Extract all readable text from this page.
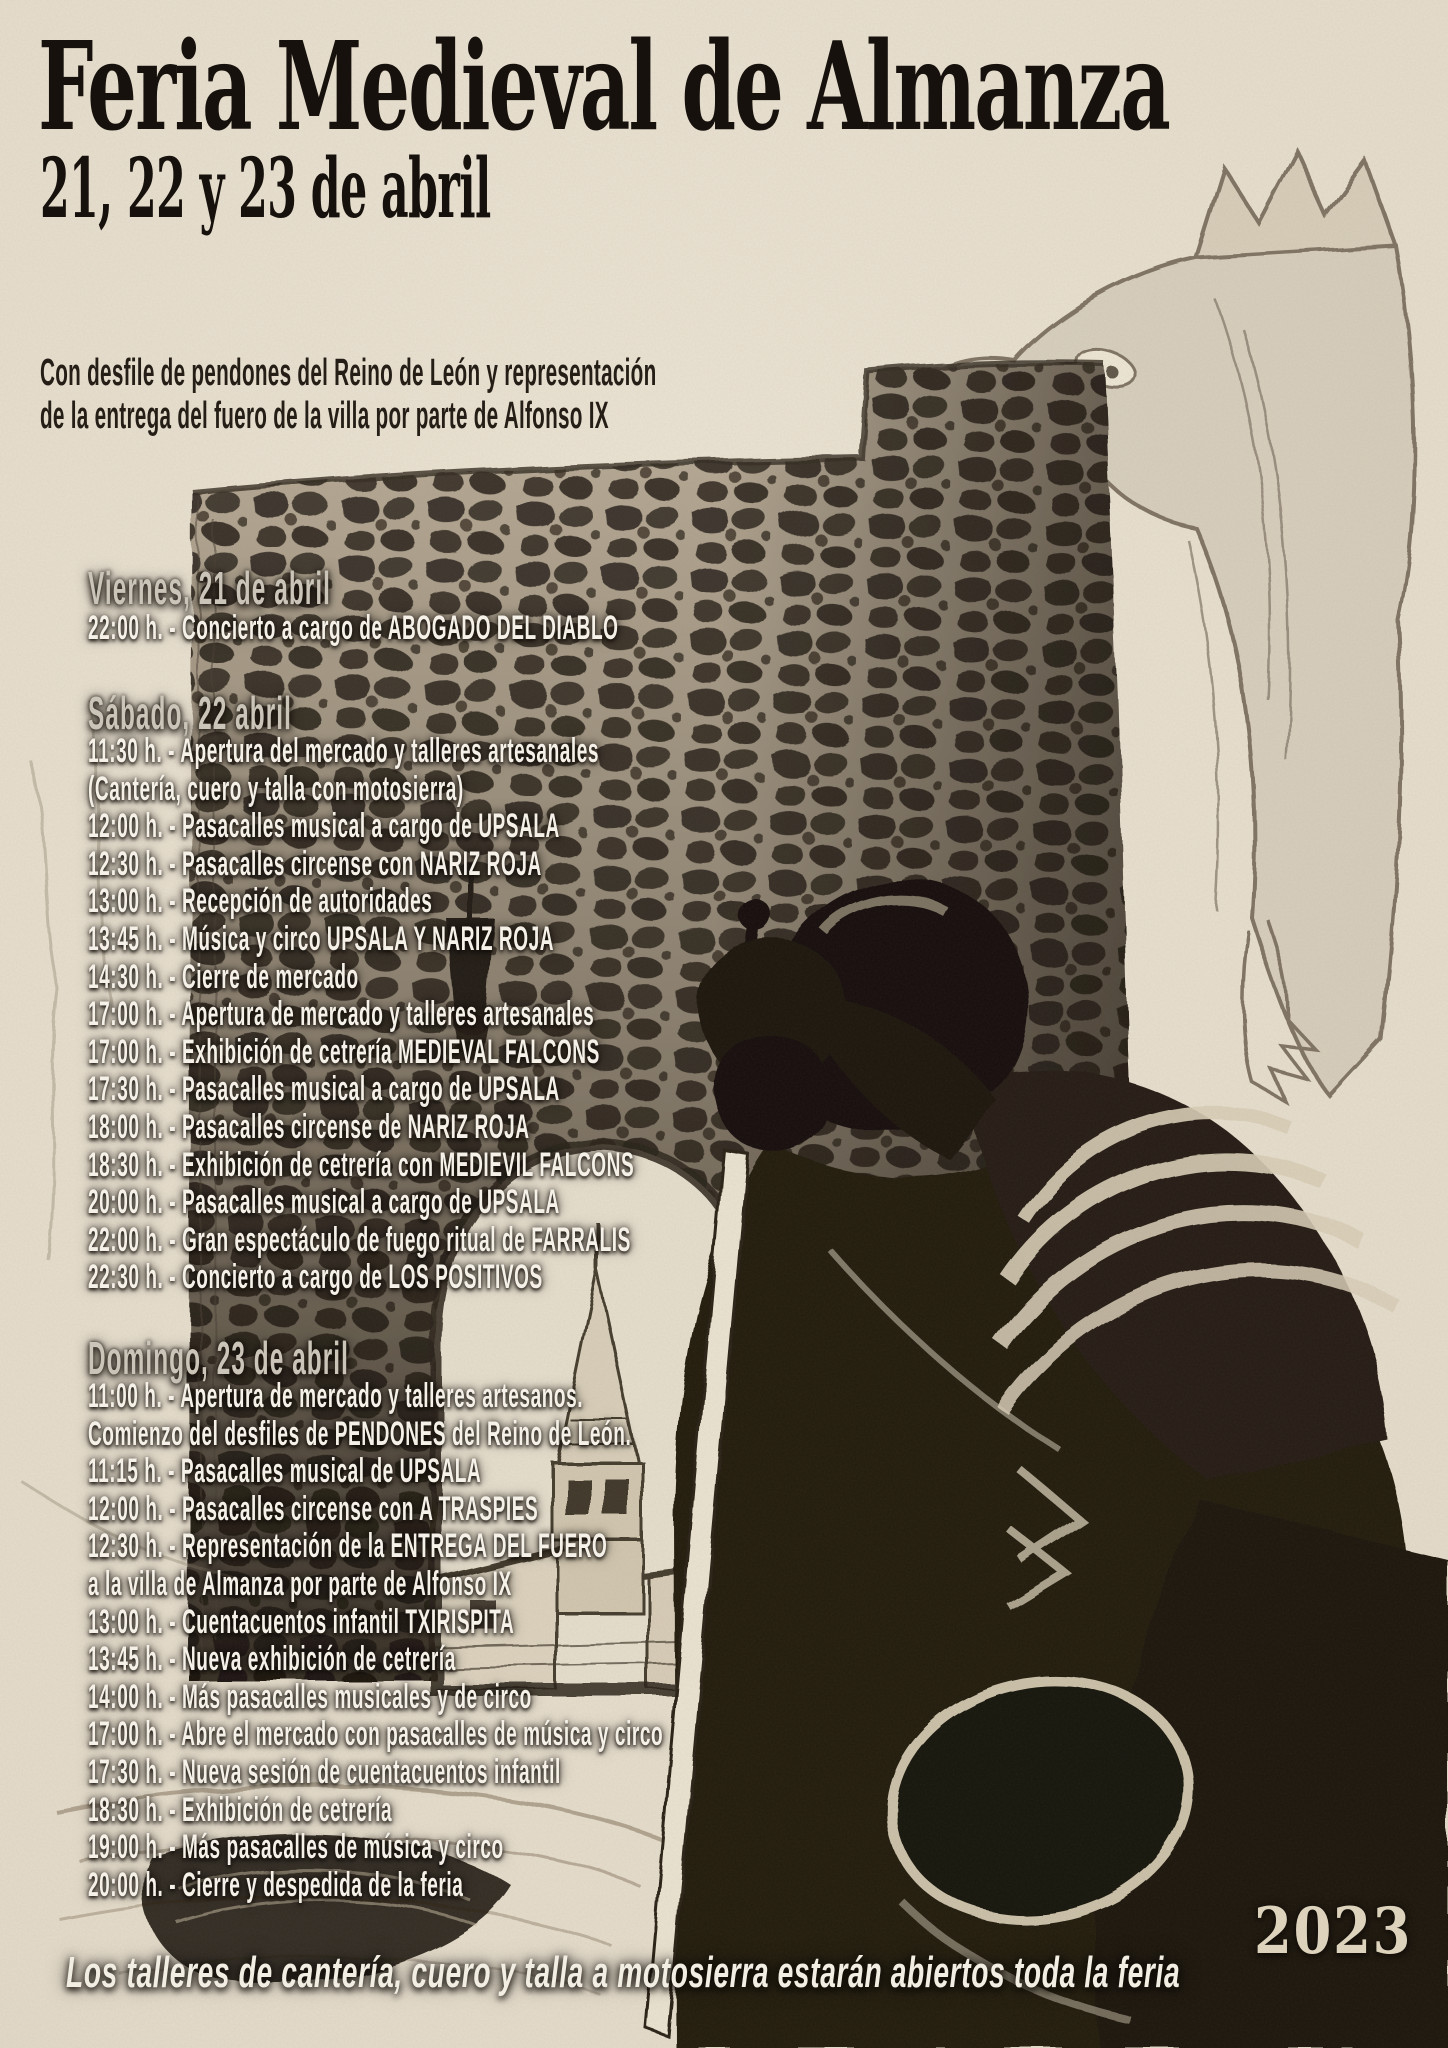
Feria Medieval de Almanza
21, 22 y 23 de abril

Con desfile de pendones del Reino de León y representación
de la entrega del fuero de la villa por parte de Alfonso IX

Viernes, 21 de abril
22:00 h. - Concierto a cargo de ABOGADO DEL DIABLO
Sábado, 22 abril
11:30 h. - Apertura del mercado y talleres artesanales
(Cantería, cuero y talla con motosierra)
12:00 h. - Pasacalles musical a cargo de UPSALA
12:30 h. - Pasacalles circense con NARIZ ROJA
13:00 h. - Recepción de autoridades
13:45 h. - Música y circo UPSALA Y NARIZ ROJA
14:30 h. - Cierre de mercado
17:00 h. - Apertura de mercado y talleres artesanales
17:00 h. - Exhibición de cetrería MEDIEVAL FALCONS
17:30 h. - Pasacalles musical a cargo de UPSALA
18:00 h. - Pasacalles circense de NARIZ ROJA
18:30 h. - Exhibición de cetrería con MEDIEVIL FALCONS
20:00 h. - Pasacalles musical a cargo de UPSALA
22:00 h. - Gran espectáculo de fuego ritual de FARRALIS
22:30 h. - Concierto a cargo de LOS POSITIVOS
Domingo, 23 de abril
11:00 h. - Apertura de mercado y talleres artesanos.
Comienzo del desfiles de PENDONES del Reino de León.
11:15 h. - Pasacalles musical de UPSALA
12:00 h. - Pasacalles circense con A TRASPIES
12:30 h. - Representación de la ENTREGA DEL FUERO
a la villa de Almanza por parte de Alfonso IX
13:00 h. - Cuentacuentos infantil TXIRISPITA
13:45 h. - Nueva exhibición de cetrería
14:00 h. - Más pasacalles musicales y de circo
17:00 h. - Abre el mercado con pasacalles de música y circo
17:30 h. - Nueva sesión de cuentacuentos infantil
18:30 h. - Exhibición de cetrería
19:00 h. - Más pasacalles de música y circo
20:00 h. - Cierre y despedida de la feria
Los talleres de cantería, cuero y talla a motosierra estarán abiertos toda la feria
2023
